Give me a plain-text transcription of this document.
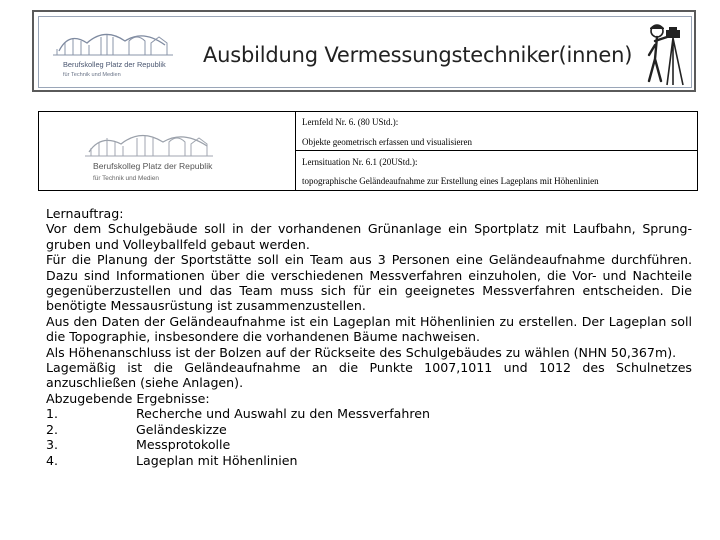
Berufskolleg Platz der Republik
für Technik und Medien
Ausbildung Vermessungstechniker(innen)
Berufskolleg Platz der Republik
für Technik und Medien
Lernfeld Nr. 6. (80 UStd.):
Objekte geometrisch erfassen und visualisieren
Lernsituation Nr. 6.1 (20UStd.):
topographische Geländeaufnahme zur Erstellung eines Lageplans mit Höhenlinien

Lernauftrag:

Vor dem Schulgebäude soll in der vorhandenen Grünanlage ein Sportplatz mit Laufbahn, Sprung-gruben und Volleyballfeld gebaut werden.

Für die Planung der Sportstätte soll ein Team aus 3 Personen eine Geländeaufnahme durchführen. Dazu sind Informationen über die verschiedenen Messverfahren einzuholen, die Vor- und Nachteile gegenüberzustellen und das Team muss sich für ein geeignetes Messverfahren entscheiden. Die benötigte Messausrüstung ist zusammenzustellen.

Aus den Daten der Geländeaufnahme ist ein Lageplan mit Höhenlinien zu erstellen. Der Lageplan soll die Topographie, insbesondere die vorhandenen Bäume nachweisen.

Als Höhenanschluss ist der Bolzen auf der Rückseite des Schulgebäudes zu wählen (NHN 50,367m).

Lagemäßig ist die Geländeaufnahme an die Punkte 1007,1011 und 1012 des Schulnetzes anzuschließen (siehe Anlagen).

Abzugebende Ergebnisse:

1.	Recherche und Auswahl zu den Messverfahren

2.	Geländeskizze

3.	Messprotokolle

4.	Lageplan mit Höhenlinien
